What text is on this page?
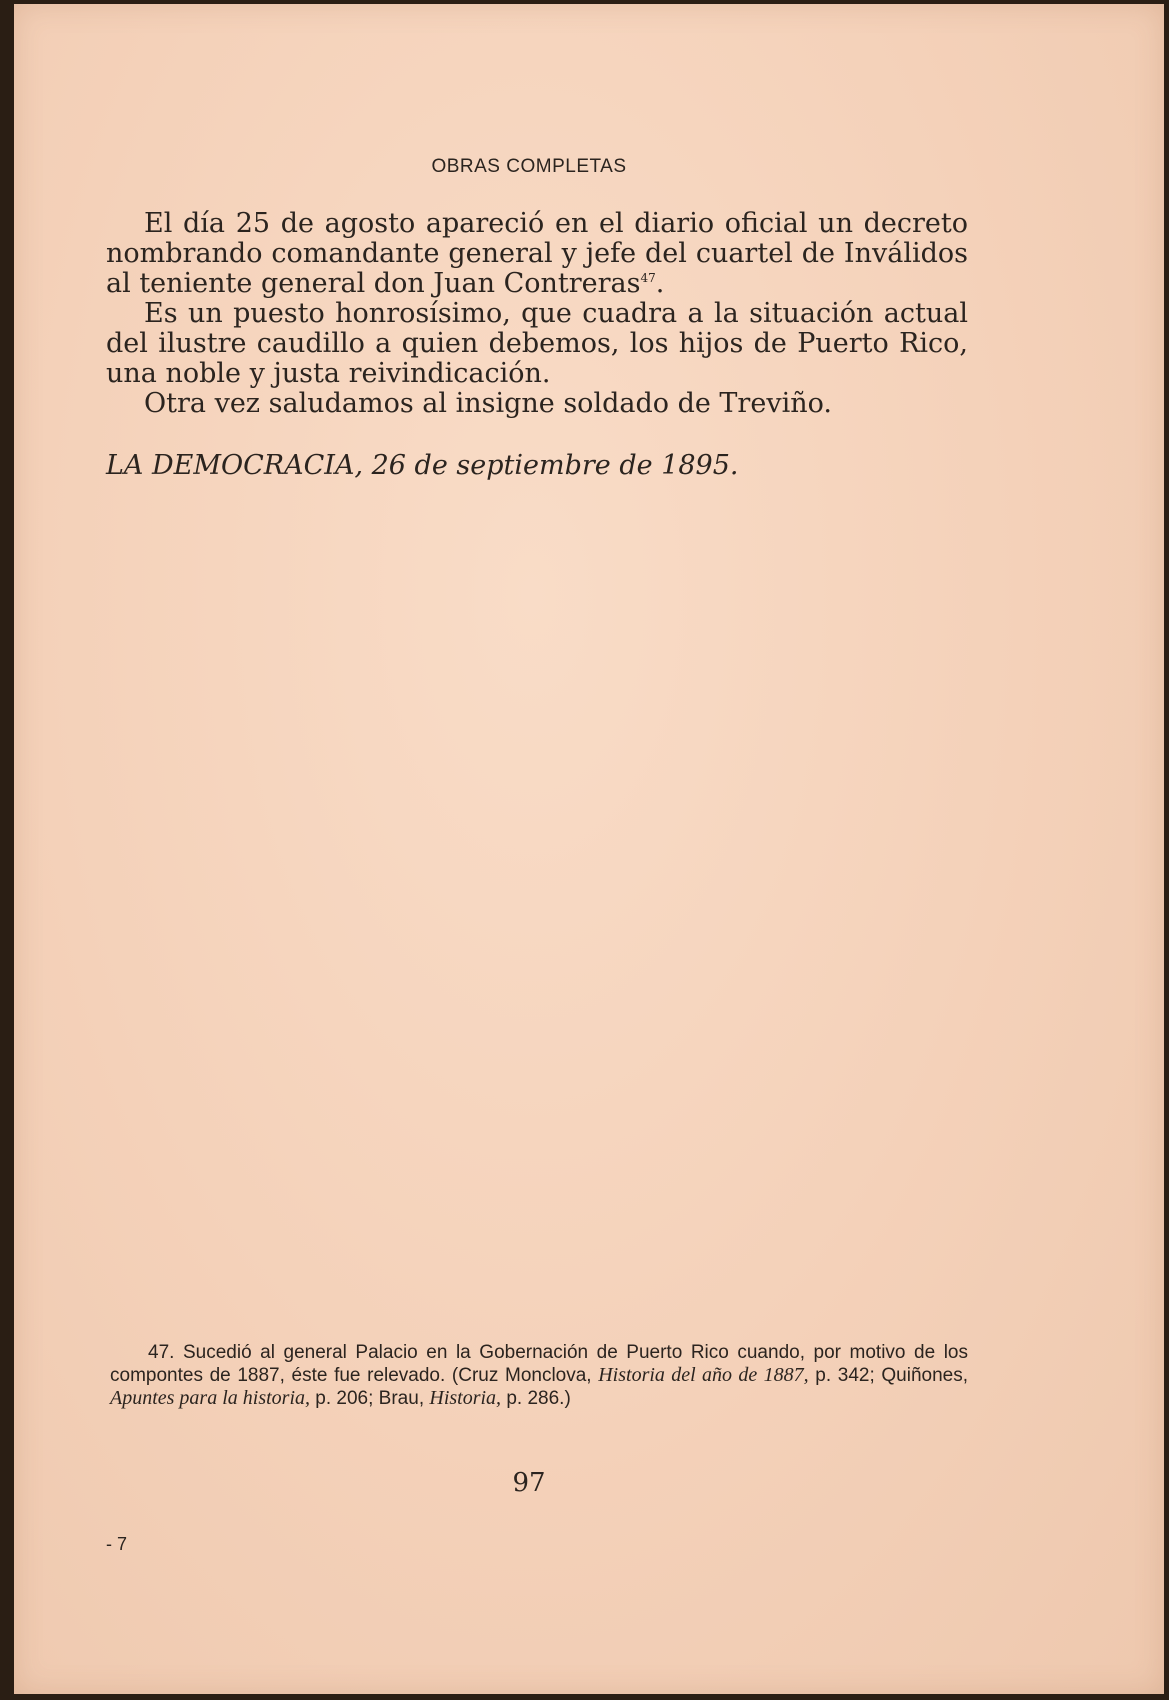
OBRAS COMPLETAS

El día 25 de agosto apareció en el diario oficial un decreto nombrando comandante general y jefe del cuartel de Inválidos al teniente general don Juan Contreras$^{47}$.

Es un puesto honrosísimo, que cuadra a la situación actual del ilustre caudillo a quien debemos, los hijos de Puerto Rico, una noble y justa reivindicación.

Otra vez saludamos al insigne soldado de Treviño.

LA DEMOCRACIA, 26 de septiembre de 1895.
47. Sucedió al general Palacio en la Gobernación de Puerto Rico cuando, por motivo de los compontes de 1887, éste fue relevado. (Cruz Monclova, Historia del año de 1887, p. 342; Quiñones, Apuntes para la historia, p. 206; Brau, Historia, p. 286.)
97
- 7
